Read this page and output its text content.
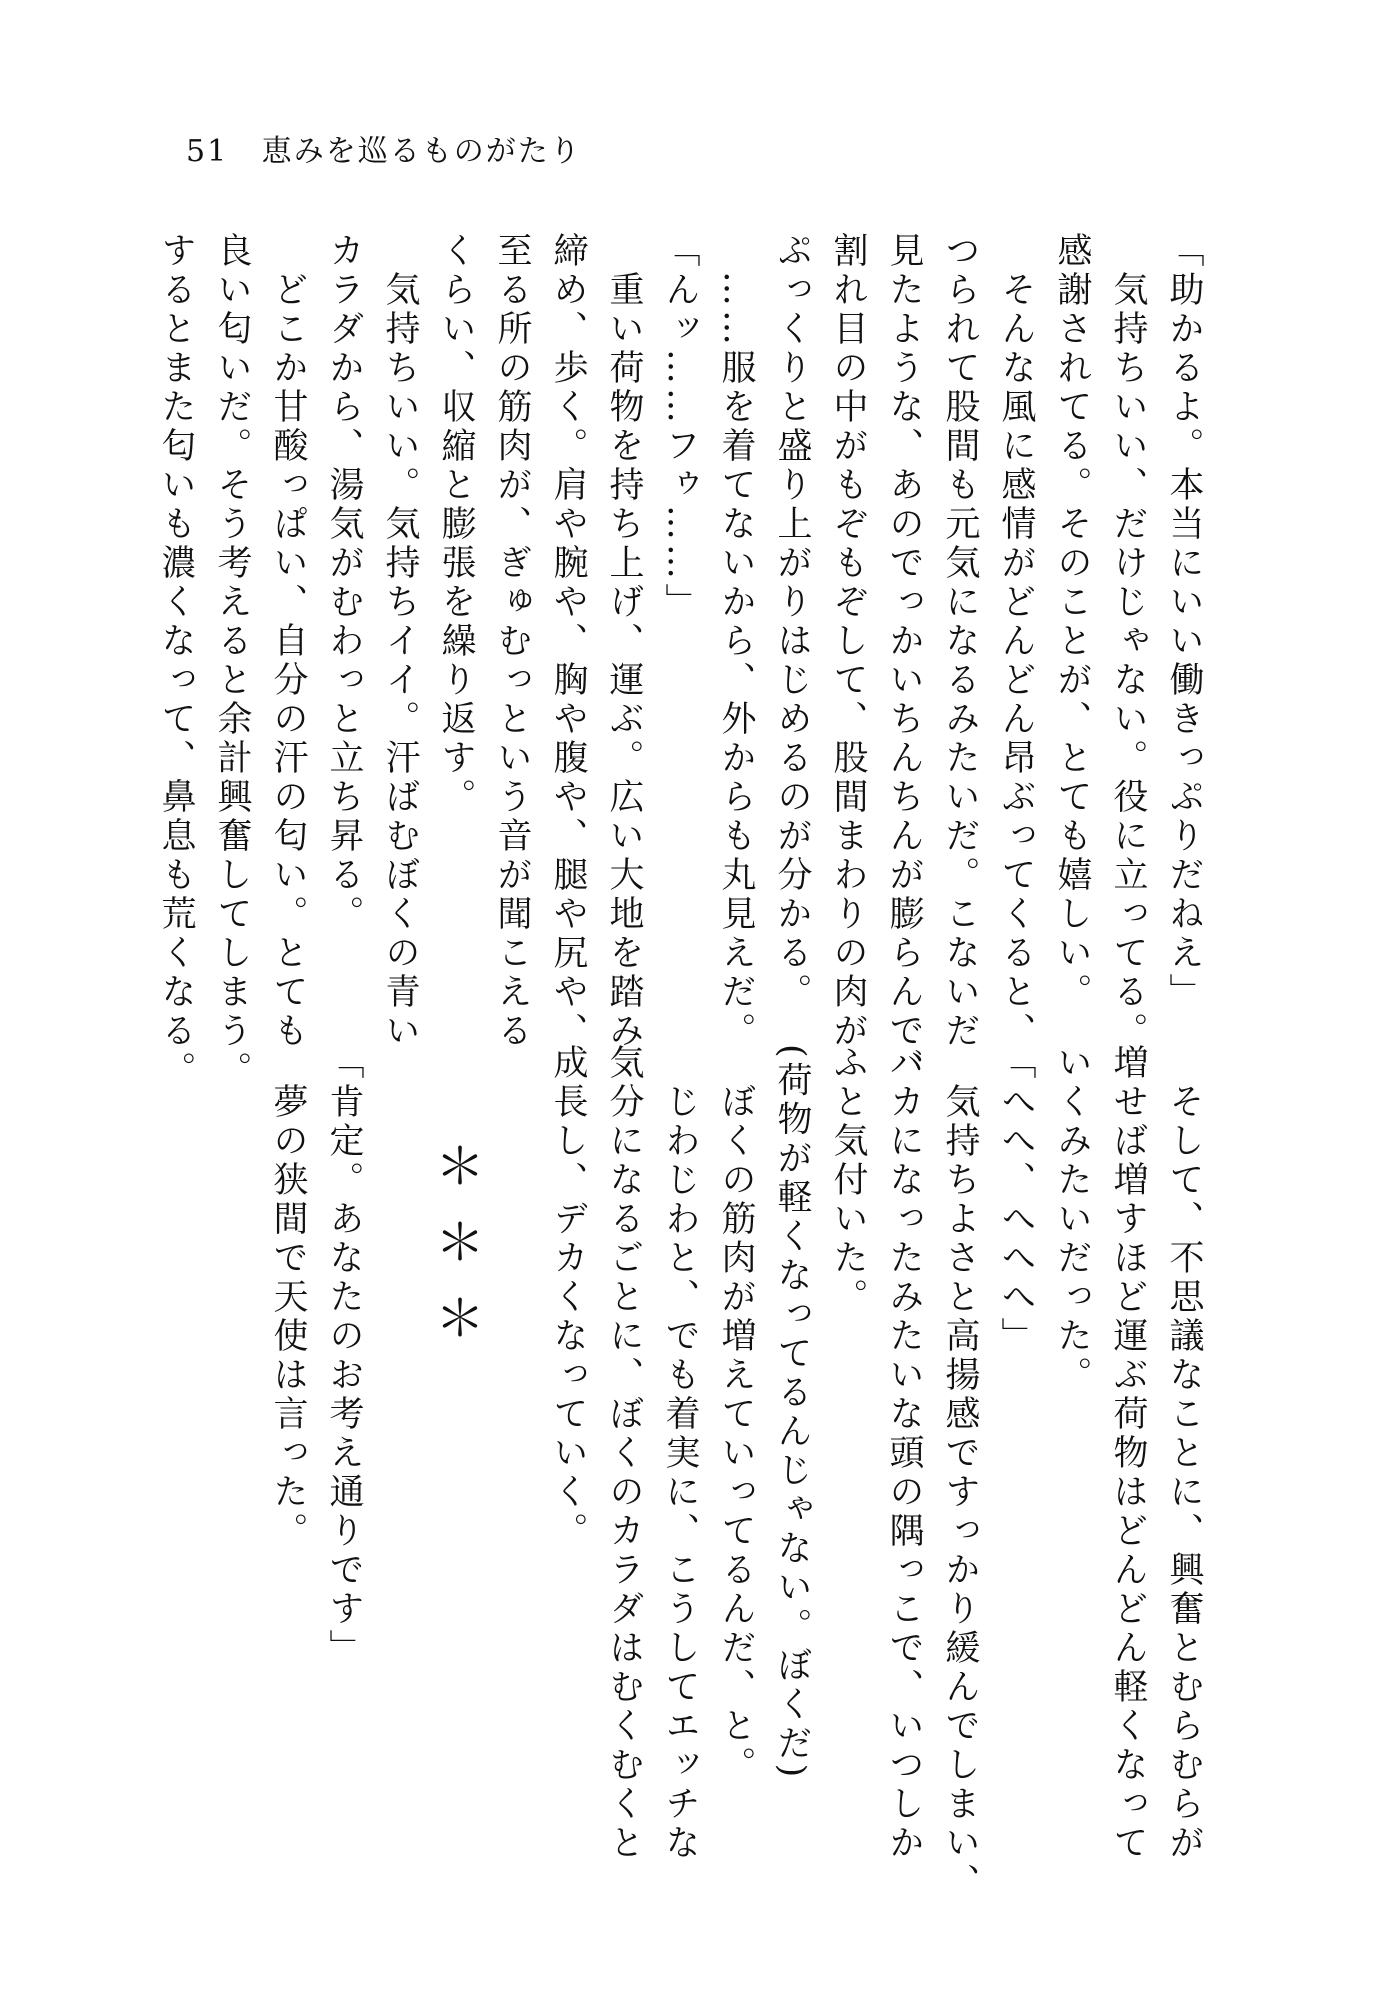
51 恵みを巡るものがたり
「助かるよ。本当にいい働きっぷりだねえ」
　気持ちいい、だけじゃない。役に立ってる。
感謝されてる。そのことが、とても嬉しい。
　そんな風に感情がどんどん昂ぶってくると、
つられて股間も元気になるみたいだ。こないだ
見たような、あのでっかいちんちんが膨らんで、
割れ目の中がもぞもぞして、股間まわりの肉が
ぷっくりと盛り上がりはじめるのが分かる。
　……服を着てないから、外からも丸見えだ。
「んッ……フゥ……」
　重い荷物を持ち上げ、運ぶ。広い大地を踏み
締め、歩く。肩や腕や、胸や腹や、腿や尻や、
至る所の筋肉が、ぎゅむっという音が聞こえる
くらい、収縮と膨張を繰り返す。
　気持ちいい。気持ちイイ。汗ばむぼくの青い
カラダから、湯気がむわっと立ち昇る。
　どこか甘酸っぱい、自分の汗の匂い。とても
良い匂いだ。そう考えると余計興奮してしまう。
するとまた匂いも濃くなって、鼻息も荒くなる。
　そして、不思議なことに、興奮とむらむらが
増せば増すほど運ぶ荷物はどんどん軽くなって
いくみたいだった。
「へへ、へへへ」
　気持ちよさと高揚感ですっかり緩んでしまい、
バカになったみたいな頭の隅っこで、いつしか
ふと気付いた。
(荷物が軽くなってるんじゃない。ぼくだ)
　ぼくの筋肉が増えていってるんだ、と。
　じわじわと、でも着実に、こうしてエッチな
気分になるごとに、ぼくのカラダはむくむくと
成長し、デカくなっていく。
＊＊＊
「肯定。あなたのお考え通りです」
　夢の狭間で天使は言った。
